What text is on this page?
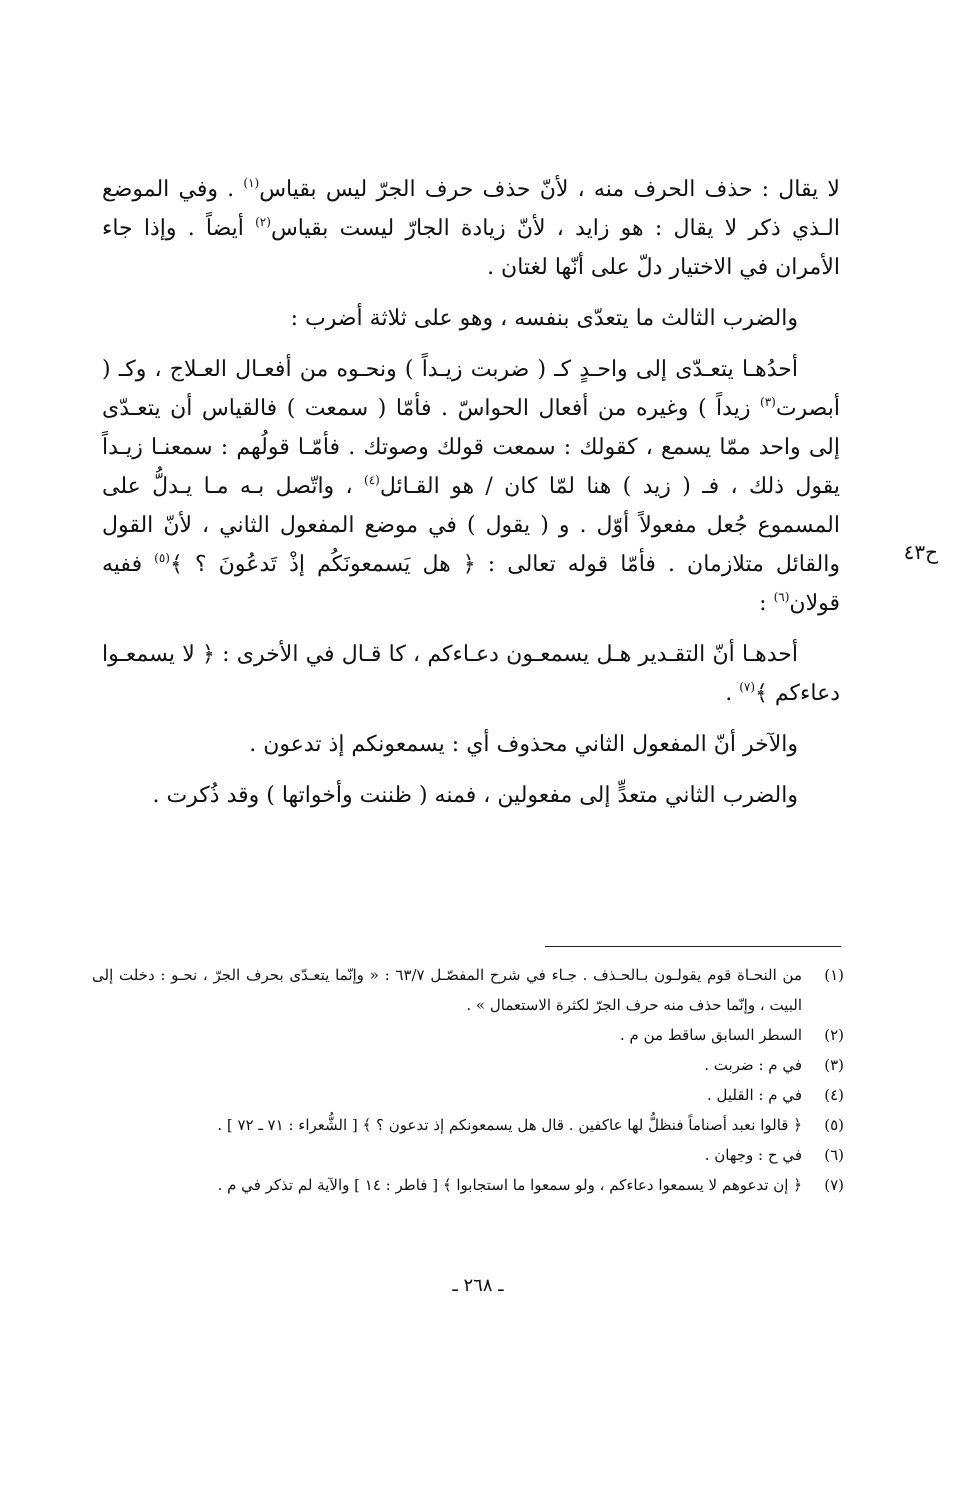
لا يقال : حذف الحرف منه ، لأنّ حذف حرف الجرّ ليس بقياس$^{(١)}$ . وفي الموضع الـذي ذكر لا يقال : هو زايد ، لأنّ زيادة الجارّ ليست بقياس$^{(٢)}$ أيضاً . وإذا جاء الأمران في الاختيار دلّ على أنّها لغتان .

والضرب الثالث ما يتعدّى بنفسه ، وهو على ثلاثة أضرب :

أحدُهـا يتعـدّى إلى واحـدٍ كـ ( ضربت زيـداً ) ونحـوه من أفعـال العـلاج ، وكـ ( أبصرت$^{(٣)}$ زيداً ) وغيره من أفعال الحواسّ . فأمّا ( سمعت ) فالقياس أن يتعـدّى إلى واحد ممّا يسمع ، كقولك : سمعت قولك وصوتك . فأمّـا قولُهم : سمعنـا زيـداً يقول ذلك ، فـ ( زيد ) هنا لمّا كان / هو القـائل$^{(٤)}$ ، واتّصل بـه مـا يـدلُّ على المسموع جُعل مفعولاً أوّل . و ( يقول ) في موضع المفعول الثاني ، لأنّ القول والقائل متلازمان . فأمّا قوله تعالى : ﴿ هل يَسمعونَكُم إذْ تَدعُونَ ؟ ﴾$^{(٥)}$ ففيه قولان$^{(٦)}$ :

أحدهـا أنّ التقـدير هـل يسمعـون دعـاءكم ، كا قـال في الأخرى : ﴿ لا يسمعـوا دعاءكم ﴾$^{(٧)}$ .

والآخر أنّ المفعول الثاني محذوف أي : يسمعونكم إذ تدعون .

والضرب الثاني متعدٍّ إلى مفعولين ، فمنه ( ظننت وأخواتها ) وقد ذُكرت .

ح٤٣
(١)
من النحـاة قوم يقولـون بـالحـذف . جـاء في شرح المفصّـل ٦٣/٧ : « وإنّما يتعـدّى بحرف الجرّ ، نحـو : دخلت إلى البيت ، وإنّما حذف منه حرف الجرّ لكثرة الاستعمال » .
(٢)
السطر السابق ساقط من م .
(٣)
في م : ضربت .
(٤)
في م : القليل .
(٥)
﴿ قالوا نعبد أصناماً فنظلُّ لها عاكفين . قال هل يسمعونكم إذ تدعون ؟ ﴾ [ الشُّعراء : ٧١ ـ ٧٢ ] .
(٦)
في ح : وجهان .
(٧)
﴿ إن تدعوهم لا يسمعوا دعاءكم ، ولو سمعوا ما استجابوا ﴾ [ فاطر : ١٤ ] والآية لم تذكر في م .
ـ ٢٦٨ ـ
